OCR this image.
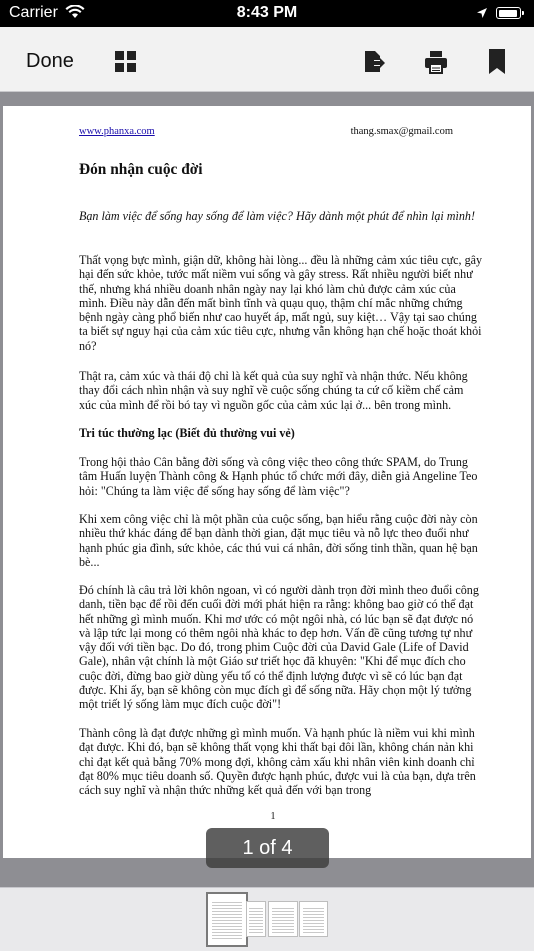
Carrier	8:43 PM
Done
www.phanxa.com	thang.smax@gmail.com
Đón nhận cuộc đời

Bạn làm việc để sống hay sống để làm việc? Hãy dành một phút để nhìn lại mình!

Thất vọng bực mình, giận dữ, không hài lòng... đều là những cảm xúc tiêu cực, gây hại đến sức khỏe, tước mất niềm vui sống và gây stress. Rất nhiều người biết như thế, nhưng khá nhiều doanh nhân ngày nay lại khó làm chủ được cảm xúc của mình. Điều này dẫn đến mất bình tĩnh và quạu quọ, thậm chí mắc những chứng bệnh ngày càng phổ biến như cao huyết áp, mất ngủ, suy kiệt… Vậy tại sao chúng ta biết sự nguy hại của cảm xúc tiêu cực, nhưng vẫn không hạn chế hoặc thoát khỏi nó?

Thật ra, cảm xúc và thái độ chỉ là kết quả của suy nghĩ và nhận thức. Nếu không thay đổi cách nhìn nhận và suy nghĩ về cuộc sống chúng ta cứ cố kiềm chế cảm xúc của mình để rồi bó tay vì nguồn gốc của cảm xúc lại ở... bên trong mình.

Tri túc thường lạc (Biết đủ thường vui vẻ)

Trong hội thảo Cân bằng đời sống và công việc theo công thức SPAM, do Trung tâm Huấn luyện Thành công & Hạnh phúc tổ chức mới đây, diễn giả Angeline Teo hỏi: "Chúng ta làm việc để sống hay sống để làm việc"?

Khi xem công việc chỉ là một phần của cuộc sống, bạn hiểu rằng cuộc đời này còn nhiều thứ khác đáng để bạn dành thời gian, đặt mục tiêu và nỗ lực theo đuổi như hạnh phúc gia đình, sức khỏe, các thú vui cá nhân, đời sống tinh thần, quan hệ bạn bè...

Đó chính là câu trả lời khôn ngoan, vì có người dành trọn đời mình theo đuổi công danh, tiền bạc để rồi đến cuối đời mới phát hiện ra rằng: không bao giờ có thể đạt hết những gì mình muốn. Khi mơ ước có một ngôi nhà, có lúc bạn sẽ đạt được nó và lập tức lại mong có thêm ngôi nhà khác to đẹp hơn. Vấn đề cũng tương tự như vậy đối với tiền bạc. Do đó, trong phim Cuộc đời của David Gale (Life of David Gale), nhân vật chính là một Giáo sư triết học đã khuyên: "Khi để mục đích cho cuộc đời, đừng bao giờ dùng yếu tố có thể định lượng được vì sẽ có lúc bạn đạt được. Khi ấy, bạn sẽ không còn mục đích gì để sống nữa. Hãy chọn một lý tưởng một triết lý sống làm mục đích cuộc đời"!

Thành công là đạt được những gì mình muốn. Và hạnh phúc là niềm vui khi mình đạt được. Khi đó, bạn sẽ không thất vọng khi thất bại đôi lần, không chán nản khi chỉ đạt kết quả bằng 70% mong đợi, không cảm xấu khi nhân viên kinh doanh chỉ đạt 80% mục tiêu doanh số. Quyền được hạnh phúc, được vui là của bạn, dựa trên cách suy nghĩ và nhận thức những kết quả đến với bạn trong

1
1 of 4
